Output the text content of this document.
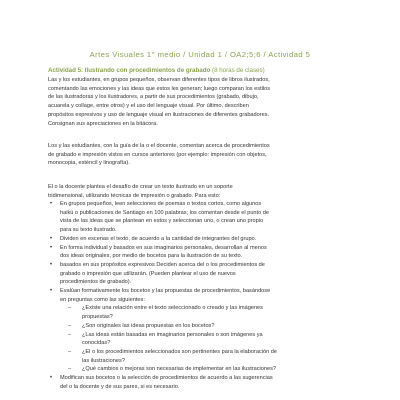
Artes Visuales 1° medio / Unidad 1 / OA2;5;6 / Actividad 5
Actividad 5: Ilustrando con procedimientos de grabado (8 horas de clases)
Las y los estudiantes, en grupos pequeños, observan diferentes tipos de libros ilustrados,
comentando las emociones y las ideas que estos les generan; luego comparan los estilos
de las ilustradoras y los ilustradores, a partir de sus procedimientos (grabado, dibujo,
acuarela y collage, entre otros) y el uso del lenguaje visual. Por último, describen
propósitos expresivos y uso de lenguaje visual en ilustraciones de diferentes grabadores.
Consignan sus apreciaciones en la bitácora.
Los y las estudiantes, con la guía de la o el docente, comentan acerca de procedimientos
de grabado e impresión vistos en cursos anteriores (por ejemplo: impresión con objetos,
monocopia, esténcil y linografía).
El o la docente plantea el desafío de crear un texto ilustrado en un soporte
tridimensional, utilizando técnicas de impresión o grabado. Para esto:
• En grupos pequeños, leen selecciones de poemas o textos cortos, como algunos
haikú o publicaciones de Santiago en 100 palabras; los comentan desde el punto de
vista de las ideas que se plantean en estos y seleccionan uno, o crean uno propio
para su texto ilustrado.
• Dividen en escenas el texto, de acuerdo a la cantidad de integrantes del grupo.
• En forma individual y basados en sus imaginarios personales, desarrollan al menos
dos ideas originales, por medio de bocetos para la ilustración de su texto.
• basados en sus propósitos expresivos Deciden acerca del o los procedimientos de
grabado o impresión que utilizarán. (Pueden plantear el uso de nuevos
procedimientos de grabado).
• Evalúan formativamente los bocetos y las propuestas de procedimientos, basándose
en preguntas como las siguientes:
– ¿Existe una relación entre el texto seleccionado o creado y las imágenes
propuestas?
– ¿Son originales las ideas propuestas en los bocetos?
– ¿Las ideas están basadas en imaginarios personales o son imágenes ya
conocidas?
– ¿El o los procedimientos seleccionados son pertinentes para la elaboración de
las ilustraciones?
– ¿Qué cambios o mejoras son necesarias de implementar en las ilustraciones?
• Modifican sus bocetos o la selección de procedimientos de acuerdo a las sugerencias
del o la docente y de sus pares, si es necesario.
